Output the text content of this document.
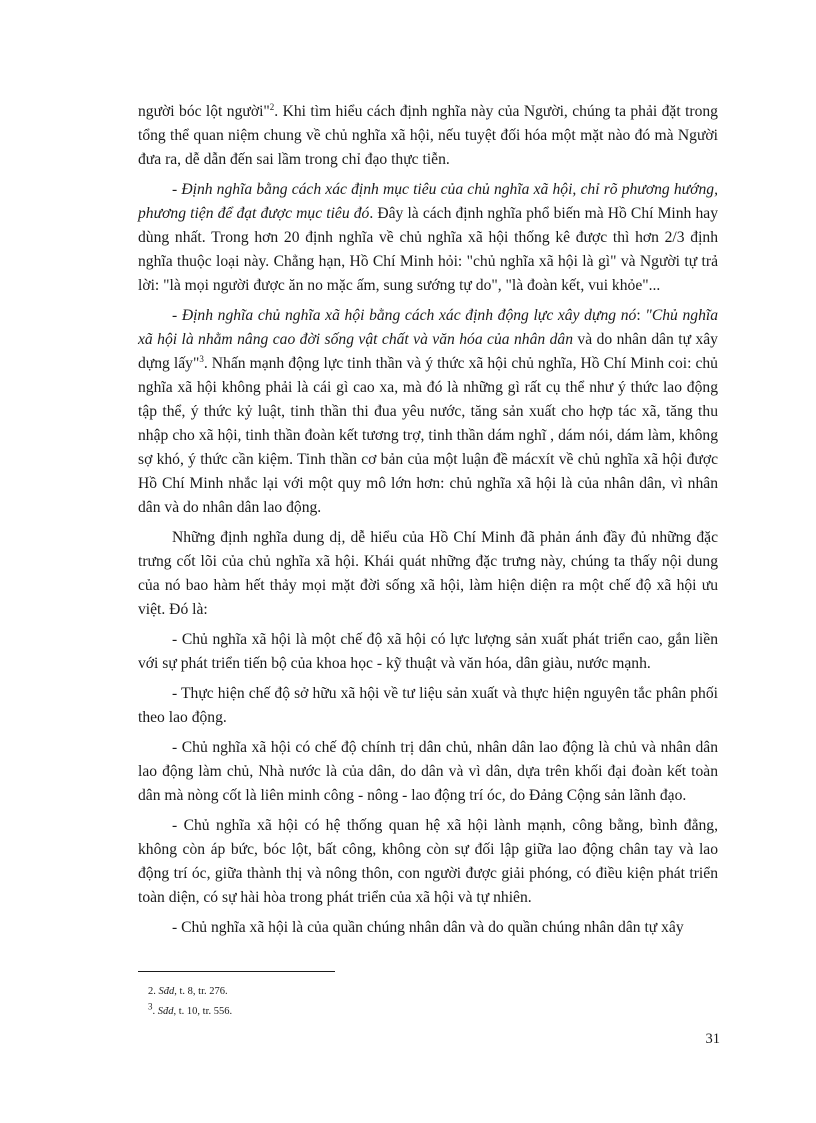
người bóc lột người"$^2$. Khi tìm hiểu cách định nghĩa này của Người, chúng ta phải đặt trong tổng thể quan niệm chung về chủ nghĩa xã hội, nếu tuyệt đối hóa một mặt nào đó mà Người đưa ra, dễ dẫn đến sai lầm trong chỉ đạo thực tiễn.

- Định nghĩa bằng cách xác định mục tiêu của chủ nghĩa xã hội, chỉ rõ phương hướng, phương tiện để đạt được mục tiêu đó. Đây là cách định nghĩa phổ biến mà Hồ Chí Minh hay dùng nhất. Trong hơn 20 định nghĩa về chủ nghĩa xã hội thống kê được thì hơn 2/3 định nghĩa thuộc loại này. Chẳng hạn, Hồ Chí Minh hỏi: "chủ nghĩa xã hội là gì" và Người tự trả lời: "là mọi người được ăn no mặc ấm, sung sướng tự do", "là đoàn kết, vui khỏe"...

- Định nghĩa chủ nghĩa xã hội bằng cách xác định động lực xây dựng nó: "Chủ nghĩa xã hội là nhằm nâng cao đời sống vật chất và văn hóa của nhân dân và do nhân dân tự xây dựng lấy"$^3$. Nhấn mạnh động lực tinh thần và ý thức xã hội chủ nghĩa, Hồ Chí Minh coi: chủ nghĩa xã hội không phải là cái gì cao xa, mà đó là những gì rất cụ thể như ý thức lao động tập thể, ý thức kỷ luật, tinh thần thi đua yêu nước, tăng sản xuất cho hợp tác xã, tăng thu nhập cho xã hội, tinh thần đoàn kết tương trợ, tinh thần dám nghĩ , dám nói, dám làm, không sợ khó, ý thức cần kiệm. Tinh thần cơ bản của một luận đề mácxít về chủ nghĩa xã hội được Hồ Chí Minh nhắc lại với một quy mô lớn hơn: chủ nghĩa xã hội là của nhân dân, vì nhân dân và do nhân dân lao động.

Những định nghĩa dung dị, dễ hiểu của Hồ Chí Minh đã phản ánh đầy đủ những đặc trưng cốt lõi của chủ nghĩa xã hội. Khái quát những đặc trưng này, chúng ta thấy nội dung của nó bao hàm hết thảy mọi mặt đời sống xã hội, làm hiện diện ra một chế độ xã hội ưu việt. Đó là:

- Chủ nghĩa xã hội là một chế độ xã hội có lực lượng sản xuất phát triển cao, gắn liền với sự phát triển tiến bộ của khoa học - kỹ thuật và văn hóa, dân giàu, nước mạnh.

- Thực hiện chế độ sở hữu xã hội về tư liệu sản xuất và thực hiện nguyên tắc phân phối theo lao động.

- Chủ nghĩa xã hội có chế độ chính trị dân chủ, nhân dân lao động là chủ và nhân dân lao động làm chủ, Nhà nước là của dân, do dân và vì dân, dựa trên khối đại đoàn kết toàn dân mà nòng cốt là liên minh công - nông - lao động trí óc, do Đảng Cộng sản lãnh đạo.

- Chủ nghĩa xã hội có hệ thống quan hệ xã hội lành mạnh, công bằng, bình đẳng, không còn áp bức, bóc lột, bất công, không còn sự đối lập giữa lao động chân tay và lao động trí óc, giữa thành thị và nông thôn, con người được giải phóng, có điều kiện phát triển toàn diện, có sự hài hòa trong phát triển của xã hội và tự nhiên.

- Chủ nghĩa xã hội là của quần chúng nhân dân và do quần chúng nhân dân tự xây

2. Sđd, t. 8, tr. 276.

$^3$. Sđd, t. 10, tr. 556.

31
